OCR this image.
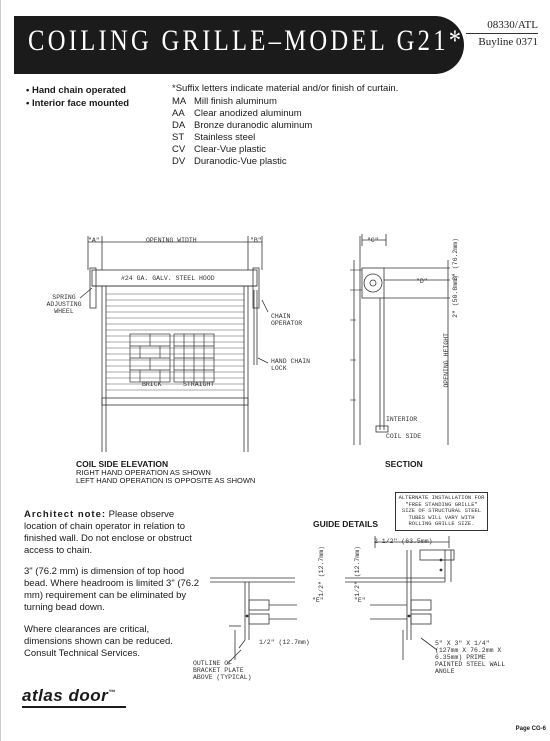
COILING GRILLE–MODEL G21* 08330/ATL
Buyline 0371
• Hand chain operated
• Interior face mounted
*Suffix letters indicate material and/or finish of curtain.
MA Mill finish aluminum
AA Clear anodized aluminum
DA Bronze duranodic aluminum
ST	Stainless steel
CV Clear-Vue plastic
DV Duranodic-Vue plastic
"A"	OPENING WIDTH	"B"
#24 GA. GALV. STEEL HOOD
SPRING ADJUSTING WHEEL
CHAIN OPERATOR
HAND CHAIN LOCK
BRICK	STRAIGHT
COIL SIDE ELEVATION
RIGHT HAND OPERATION AS SHOWN
LEFT HAND OPERATION IS OPPOSITE AS SHOWN
"C"	3" (76.2mm)
"D"	2" (50.8mm)
OPENING HEIGHT
INTERIOR
COIL SIDE
SECTION
Architect note: Please observe location of chain operator in relation to finished wall. Do not enclose or obstruct access to chain.
3" (76.2 mm) is dimension of top hood bead. Where headroom is limited 3" (76.2 mm) requirement can be eliminated by turning bead down.
Where clearances are critical, dimensions shown can be reduced. Consult Technical Services.
GUIDE DETAILS
ALTERNATE INSTALLATION FOR "FREE STANDING GRILLE" SIZE OF STRUCTURAL STEEL TUBES WILL VARY WITH ROLLING GRILLE SIZE.
2 1/2" (63.5mm)
1/2" (12.7mm)	1/2" (12.7mm)
"E"	"E"
1/2" (12.7mm)
OUTLINE OF BRACKET PLATE ABOVE (TYPICAL)
5" X 3" X 1/4" (127mm X 76.2mm X 6.35mm) PRIME PAINTED STEEL WALL ANGLE
atlas door™
Page CG-6
